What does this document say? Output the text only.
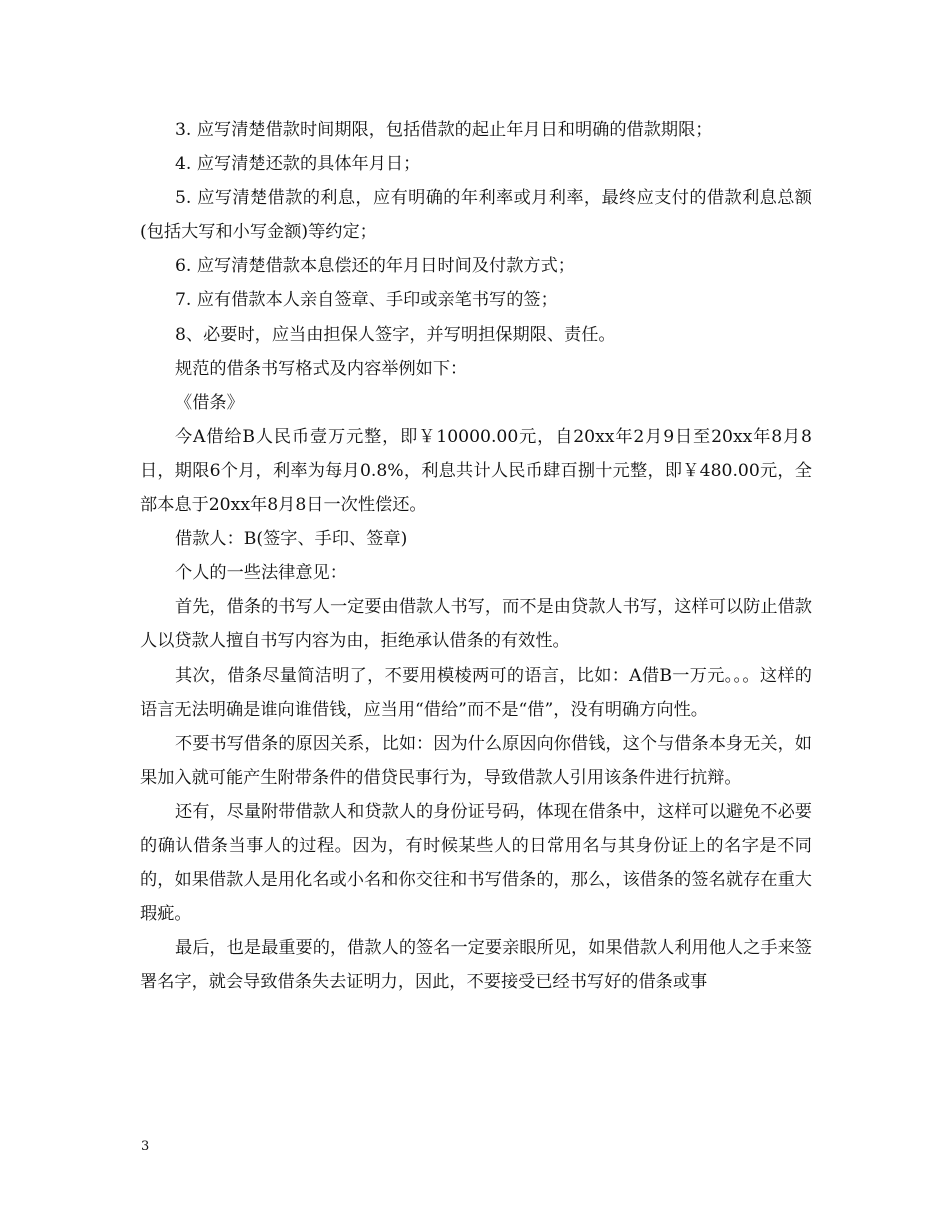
3. 应写清楚借款时间期限，包括借款的起止年月日和明确的借款期限；

4. 应写清楚还款的具体年月日；

5. 应写清楚借款的利息，应有明确的年利率或月利率，最终应支付的借款利息总额(包括大写和小写金额)等约定；

6. 应写清楚借款本息偿还的年月日时间及付款方式；

7. 应有借款本人亲自签章、手印或亲笔书写的签；

8、必要时，应当由担保人签字，并写明担保期限、责任。

规范的借条书写格式及内容举例如下：

《借条》

今A借给B人民币壹万元整，即￥10000.00元，自20xx年2月9日至20xx年8月8日，期限6个月，利率为每月0.8%，利息共计人民币肆百捌十元整，即￥480.00元，全部本息于20xx年8月8日一次性偿还。

借款人：B(签字、手印、签章)

个人的一些法律意见：

首先，借条的书写人一定要由借款人书写，而不是由贷款人书写，这样可以防止借款人以贷款人擅自书写内容为由，拒绝承认借条的有效性。

其次，借条尽量简洁明了，不要用模棱两可的语言，比如：A借B一万元。。。这样的语言无法明确是谁向谁借钱，应当用“借给”而不是“借”，没有明确方向性。

不要书写借条的原因关系，比如：因为什么原因向你借钱，这个与借条本身无关，如果加入就可能产生附带条件的借贷民事行为，导致借款人引用该条件进行抗辩。

还有，尽量附带借款人和贷款人的身份证号码，体现在借条中，这样可以避免不必要的确认借条当事人的过程。因为，有时候某些人的日常用名与其身份证上的名字是不同的，如果借款人是用化名或小名和你交往和书写借条的，那么，该借条的签名就存在重大瑕疵。

最后，也是最重要的，借款人的签名一定要亲眼所见，如果借款人利用他人之手来签署名字，就会导致借条失去证明力，因此，不要接受已经书写好的借条或事

3
